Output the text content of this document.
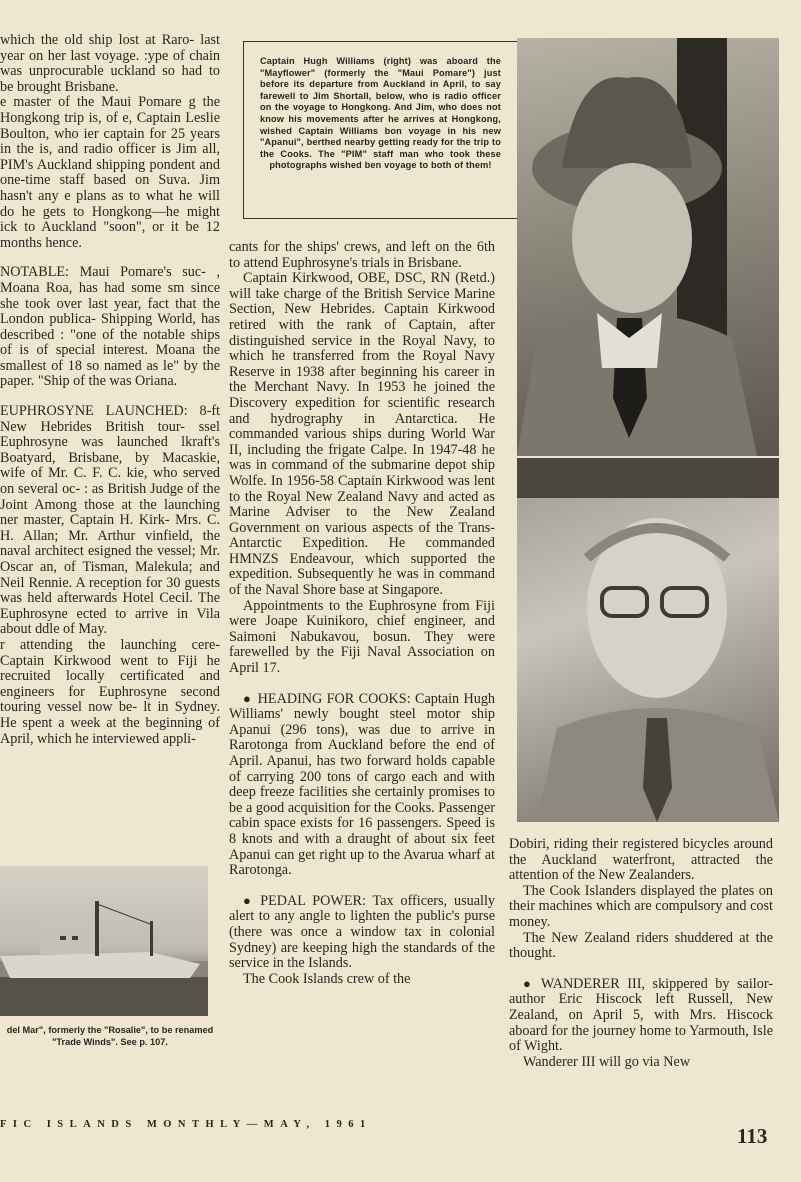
which the old ship lost at Raro- last year on her last voyage. :ype of chain was unprocurable uckland so had to be brought Brisbane.

e master of the Maui Pomare g the Hongkong trip is, of e, Captain Leslie Boulton, who ier captain for 25 years in the is, and radio officer is Jim all, PIM's Auckland shipping pondent and one-time staff based on Suva. Jim hasn't any e plans as to what he will do he gets to Hongkong—he might ick to Auckland "soon", or it be 12 months hence.

NOTABLE: Maui Pomare's suc- , Moana Roa, has had some sm since she took over last year, fact that the London publica- Shipping World, has described : "one of the notable ships of is of special interest. Moana the smallest of 18 so named as le" by the paper. "Ship of the was Oriana.

EUPHROSYNE LAUNCHED: 8-ft New Hebrides British tour- ssel Euphrosyne was launched lkraft's Boatyard, Brisbane, by Macaskie, wife of Mr. C. F. C. kie, who served on several oc- : as British Judge of the Joint Among those at the launching ner master, Captain H. Kirk- Mrs. C. H. Allan; Mr. Arthur vinfield, the naval architect esigned the vessel; Mr. Oscar an, of Tisman, Malekula; and Neil Rennie. A reception for 30 guests was held afterwards Hotel Cecil. The Euphrosyne ected to arrive in Vila about ddle of May.

r attending the launching cere- Captain Kirkwood went to Fiji he recruited locally certificated and engineers for Euphrosyne second touring vessel now be- lt in Sydney. He spent a week at the beginning of April, which he interviewed appli-

del Mar", formerly the "Rosalie", to be renamed "Trade Winds". See p. 107.

Captain Hugh Williams (right) was aboard the "Mayflower" (formerly the "Maui Pomare") just before its departure from Auckland in April, to say farewell to Jim Shortall, below, who is radio officer on the voyage to Hongkong. And Jim, who does not know his movements after he arrives at Hongkong, wished Captain Williams bon voyage in his new "Apanui", berthed nearby getting ready for the trip to the Cooks. The "PIM" staff man who took these photographs wished ben voyage to both of them!

cants for the ships' crews, and left on the 6th to attend Euphrosyne's trials in Brisbane.

Captain Kirkwood, OBE, DSC, RN (Retd.) will take charge of the British Service Marine Section, New Hebrides. Captain Kirkwood retired with the rank of Captain, after distinguished service in the Royal Navy, to which he transferred from the Royal Navy Reserve in 1938 after beginning his career in the Merchant Navy. In 1953 he joined the Discovery expedition for scientific research and hydrography in Antarctica. He commanded various ships during World War II, including the frigate Calpe. In 1947-48 he was in command of the submarine depot ship Wolfe. In 1956-58 Captain Kirkwood was lent to the Royal New Zealand Navy and acted as Marine Adviser to the New Zealand Government on various aspects of the Trans-Antarctic Expedition. He commanded HMNZS Endeavour, which supported the expedition. Subsequently he was in command of the Naval Shore base at Singapore.

Appointments to the Euphrosyne from Fiji were Joape Kuinikoro, chief engineer, and Saimoni Nabukavou, bosun. They were farewelled by the Fiji Naval Association on April 17.

● HEADING FOR COOKS: Captain Hugh Williams' newly bought steel motor ship Apanui (296 tons), was due to arrive in Rarotonga from Auckland before the end of April. Apanui, has two forward holds capable of carrying 200 tons of cargo each and with deep freeze facilities she certainly promises to be a good acquisition for the Cooks. Passenger cabin space exists for 16 passengers. Speed is 8 knots and with a draught of about six feet Apanui can get right up to the Avarua wharf at Rarotonga.

● PEDAL POWER: Tax officers, usually alert to any angle to lighten the public's purse (there was once a window tax in colonial Sydney) are keeping high the standards of the service in the Islands.

The Cook Islands crew of the

Dobiri, riding their registered bicycles around the Auckland waterfront, attracted the attention of the New Zealanders.

The Cook Islanders displayed the plates on their machines which are compulsory and cost money.

The New Zealand riders shuddered at the thought.

● WANDERER III, skippered by sailor-author Eric Hiscock left Russell, New Zealand, on April 5, with Mrs. Hiscock aboard for the journey home to Yarmouth, Isle of Wight.

Wanderer III will go via New

FIC ISLANDS MONTHLY—MAY, 1961	113
